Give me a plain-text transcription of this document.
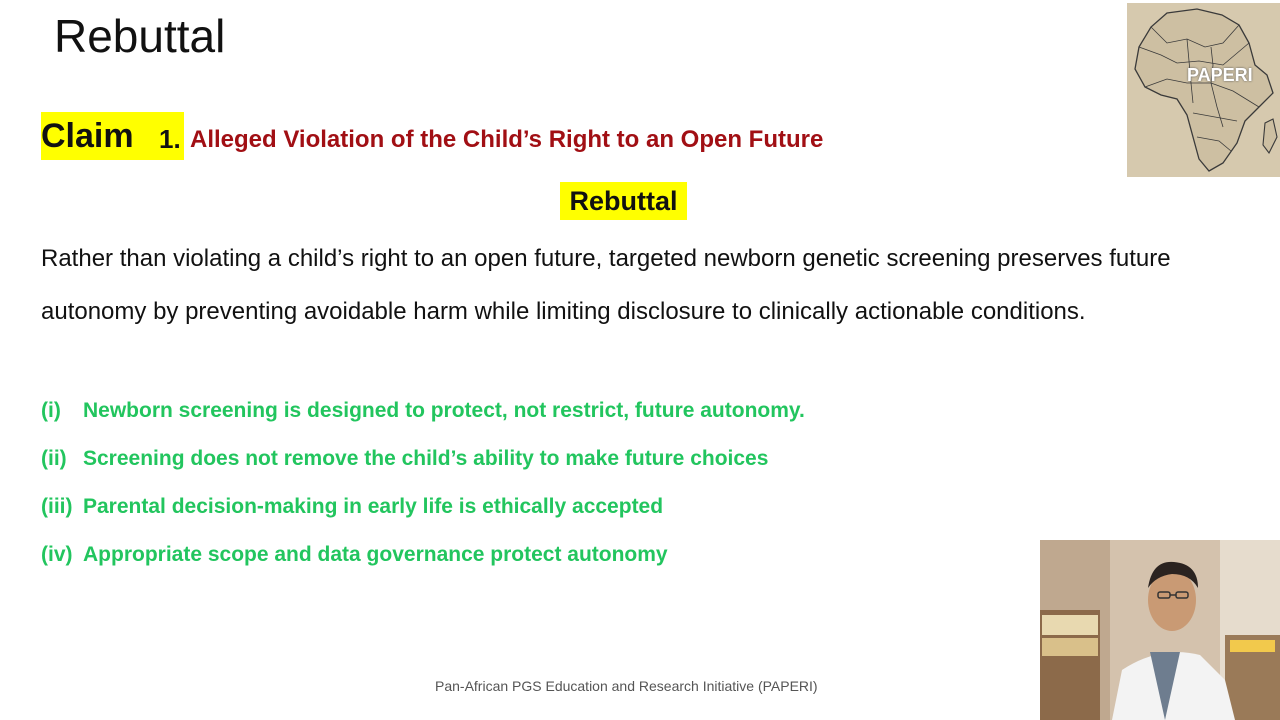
Rebuttal
PAPERI
Claim 1. Alleged Violation of the Child’s Right to an Open Future
Rebuttal
Rather than violating a child’s right to an open future, targeted newborn genetic screening preserves future autonomy by preventing avoidable harm while limiting disclosure to clinically actionable conditions.
(i) Newborn screening is designed to protect, not restrict, future autonomy.
(ii) Screening does not remove the child’s ability to make future choices
(iii) Parental decision-making in early life is ethically accepted
(iv) Appropriate scope and data governance protect autonomy
Pan-African PGS Education and Research Initiative (PAPERI)
